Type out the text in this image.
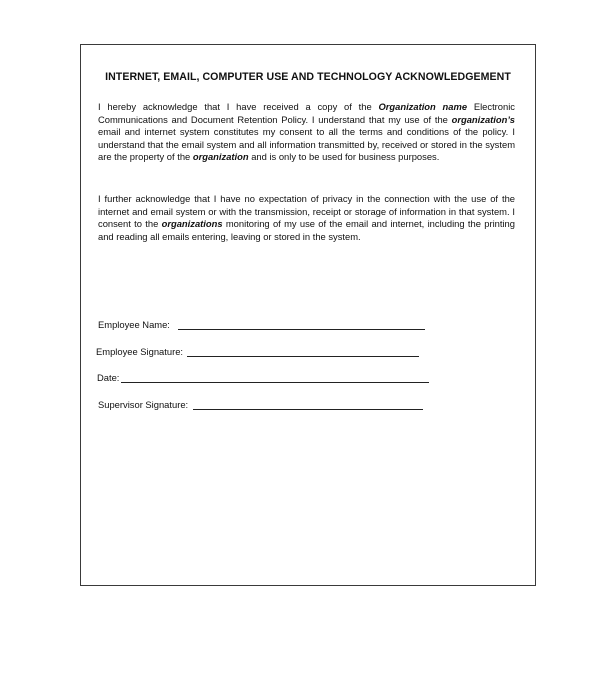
INTERNET, EMAIL, COMPUTER USE AND TECHNOLOGY ACKNOWLEDGEMENT

I hereby acknowledge that I have received a copy of the Organization name Electronic Communications and Document Retention Policy. I understand that my use of the organization’s email and internet system constitutes my consent to all the terms and conditions of the policy. I understand that the email system and all information transmitted by, received or stored in the system are the property of the organization and is only to be used for business purposes.

I further acknowledge that I have no expectation of privacy in the connection with the use of the internet and email system or with the transmission, receipt or storage of information in that system. I consent to the organizations monitoring of my use of the email and internet, including the printing and reading all emails entering, leaving or stored in the system.

Employee Name:
Employee Signature:
Date:
Supervisor Signature:
